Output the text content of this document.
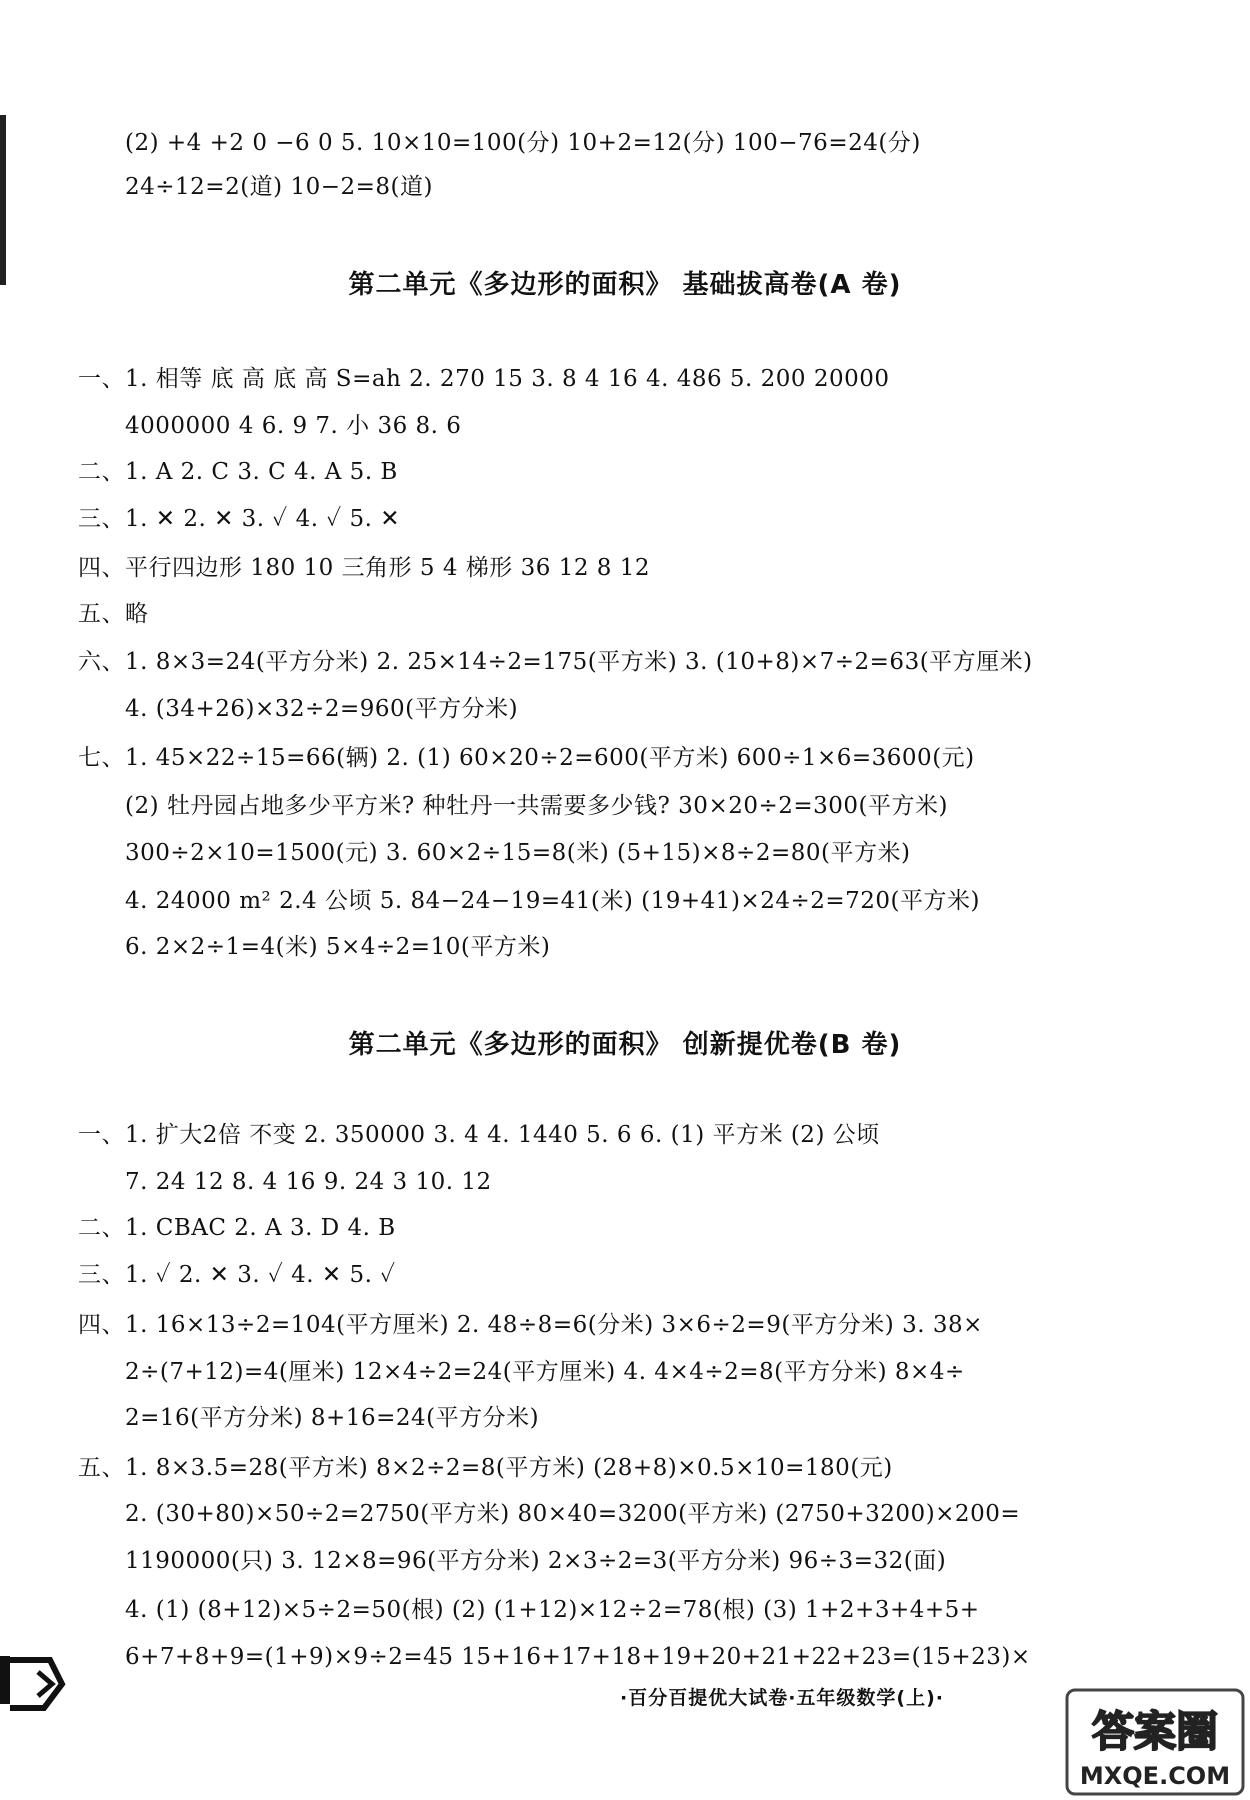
(2) +4 +2 0 −6 0 5. 10×10=100(分) 10+2=12(分) 100−76=24(分)
24÷12=2(道) 10−2=8(道)
第二单元《多边形的面积》 基础拔高卷(A 卷)
一、1. 相等 底 高 底 高 S=ah 2. 270 15 3. 8 4 16 4. 486 5. 200 20000
4000000 4 6. 9 7. 小 36 8. 6
二、1. A 2. C 3. C 4. A 5. B
三、1. ✕ 2. ✕ 3. ✓ 4. ✓ 5. ✕
四、平行四边形 180 10 三角形 5 4 梯形 36 12 8 12
五、略
六、1. 8×3=24(平方分米) 2. 25×14÷2=175(平方米) 3. (10+8)×7÷2=63(平方厘米)
4. (34+26)×32÷2=960(平方分米)
七、1. 45×22÷15=66(辆) 2. (1) 60×20÷2=600(平方米) 600÷1×6=3600(元)
(2) 牡丹园占地多少平方米? 种牡丹一共需要多少钱? 30×20÷2=300(平方米)
300÷2×10=1500(元) 3. 60×2÷15=8(米) (5+15)×8÷2=80(平方米)
4. 24000 m² 2.4 公顷 5. 84−24−19=41(米) (19+41)×24÷2=720(平方米)
6. 2×2÷1=4(米) 5×4÷2=10(平方米)
第二单元《多边形的面积》 创新提优卷(B 卷)
一、1. 扩大2倍 不变 2. 350000 3. 4 4. 1440 5. 6 6. (1) 平方米 (2) 公顷
7. 24 12 8. 4 16 9. 24 3 10. 12
二、1. CBAC 2. A 3. D 4. B
三、1. ✓ 2. ✕ 3. ✓ 4. ✕ 5. ✓
四、1. 16×13÷2=104(平方厘米) 2. 48÷8=6(分米) 3×6÷2=9(平方分米) 3. 38×
2÷(7+12)=4(厘米) 12×4÷2=24(平方厘米) 4. 4×4÷2=8(平方分米) 8×4÷
2=16(平方分米) 8+16=24(平方分米)
五、1. 8×3.5=28(平方米) 8×2÷2=8(平方米) (28+8)×0.5×10=180(元)
2. (30+80)×50÷2=2750(平方米) 80×40=3200(平方米) (2750+3200)×200=
1190000(只) 3. 12×8=96(平方分米) 2×3÷2=3(平方分米) 96÷3=32(面)
4. (1) (8+12)×5÷2=50(根) (2) (1+12)×12÷2=78(根) (3) 1+2+3+4+5+
6+7+8+9=(1+9)×9÷2=45 15+16+17+18+19+20+21+22+23=(15+23)×
·百分百提优大试卷·五年级数学(上)·
答案圈
MXQE.COM
